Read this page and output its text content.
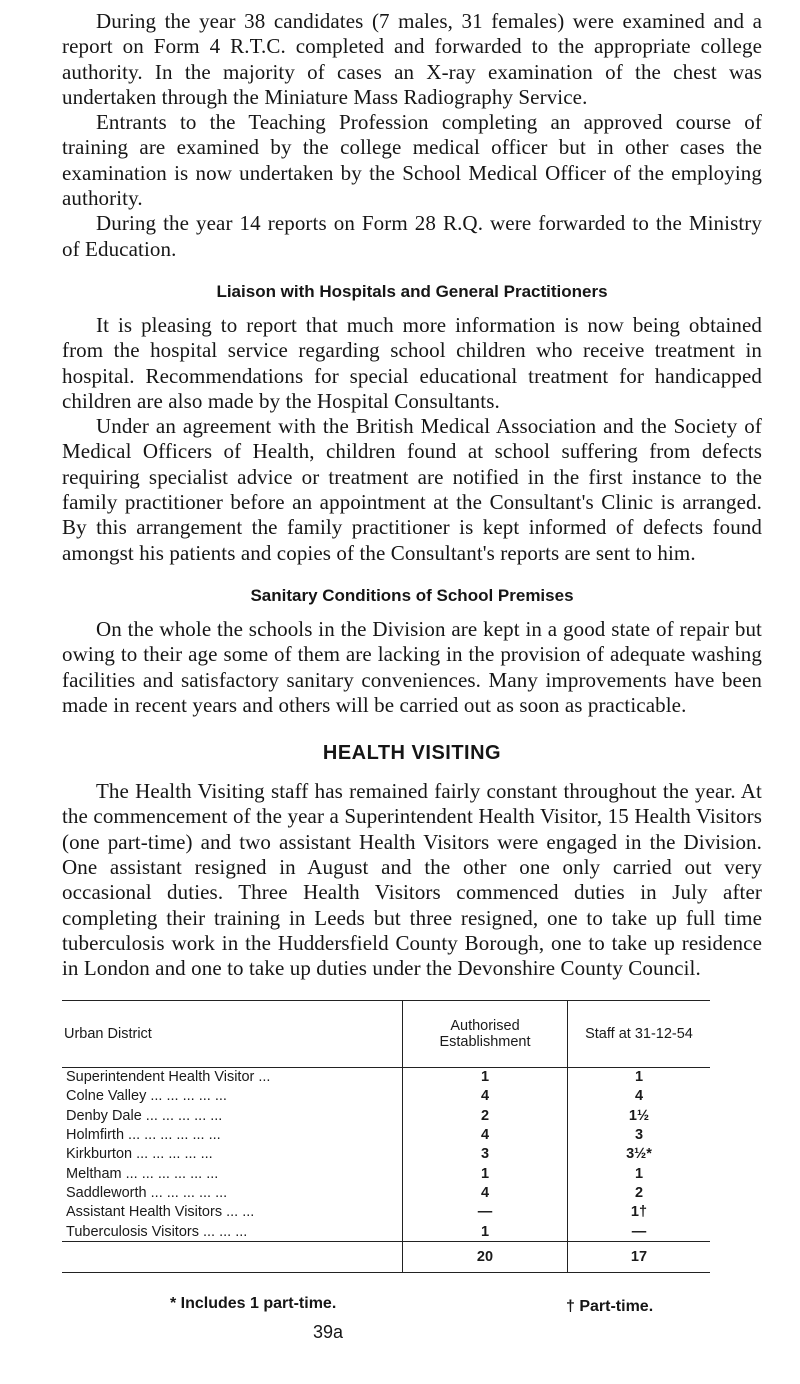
During the year 38 candidates (7 males, 31 females) were examined and a report on Form 4 R.T.C. completed and forwarded to the appropriate college authority. In the majority of cases an X-ray examination of the chest was undertaken through the Miniature Mass Radiography Service.

Entrants to the Teaching Profession completing an approved course of training are examined by the college medical officer but in other cases the examination is now undertaken by the School Medical Officer of the employing authority.

During the year 14 reports on Form 28 R.Q. were forwarded to the Ministry of Education.

Liaison with Hospitals and General Practitioners

It is pleasing to report that much more information is now being obtained from the hospital service regarding school children who receive treatment in hospital. Recommendations for special educational treatment for handicapped children are also made by the Hospital Consultants.

Under an agreement with the British Medical Association and the Society of Medical Officers of Health, children found at school suffering from defects requiring specialist advice or treatment are notified in the first instance to the family practitioner before an appointment at the Consultant's Clinic is arranged. By this arrangement the family practitioner is kept informed of defects found amongst his patients and copies of the Consultant's reports are sent to him.

Sanitary Conditions of School Premises

On the whole the schools in the Division are kept in a good state of repair but owing to their age some of them are lacking in the provision of adequate washing facilities and satisfactory sanitary conveniences. Many improvements have been made in recent years and others will be carried out as soon as practicable.

HEALTH VISITING

The Health Visiting staff has remained fairly constant throughout the year. At the commencement of the year a Superintendent Health Visitor, 15 Health Visitors (one part-time) and two assistant Health Visitors were engaged in the Division. One assistant resigned in August and the other one only carried out very occasional duties. Three Health Visitors commenced duties in July after completing their training in Leeds but three resigned, one to take up full time tuberculosis work in the Huddersfield County Borough, one to take up residence in London and one to take up duties under the Devonshire County Council.

Urban District	Authorised Establishment	Staff at 31-12-54
Superintendent Health Visitor ...	1	1
Colne Valley ... ... ... ... ...	4	4
Denby Dale ... ... ... ... ...	2	1½
Holmfirth ... ... ... ... ... ...	4	3
Kirkburton ... ... ... ... ...	3	3½*
Meltham ... ... ... ... ... ...	1	1
Saddleworth ... ... ... ... ...	4	2
Assistant Health Visitors ... ...	—	1†
Tuberculosis Visitors ... ... ...	1	—
	20	17
* Includes 1 part-time.	† Part-time.
39a
